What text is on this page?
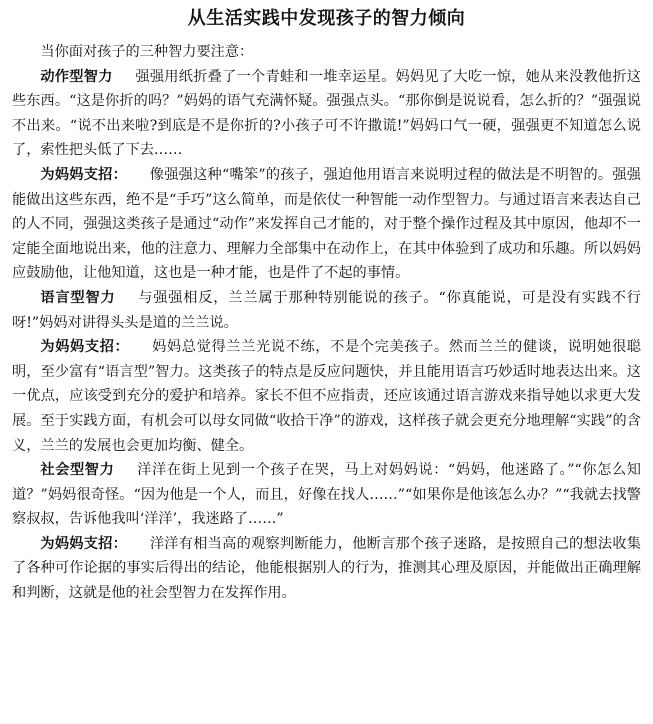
从生活实践中发现孩子的智力倾向

当你面对孩子的三种智力要注意：

动作型智力 强强用纸折叠了一个青蛙和一堆幸运星。妈妈见了大吃一惊，她从来没教他折这些东西。“这是你折的吗？”妈妈的语气充满怀疑。强强点头。“那你倒是说说看，怎么折的？”强强说不出来。“说不出来啦?到底是不是你折的?小孩子可不许撒谎!”妈妈口气一硬，强强更不知道怎么说了，索性把头低了下去……

为妈妈支招： 像强强这种“嘴笨”的孩子，强迫他用语言来说明过程的做法是不明智的。强强能做出这些东西，绝不是“手巧”这么简单，而是依仗一种智能一动作型智力。与通过语言来表达自己的人不同，强强这类孩子是通过“动作”来发挥自己才能的，对于整个操作过程及其中原因，他却不一定能全面地说出来，他的注意力、理解力全部集中在动作上，在其中体验到了成功和乐趣。所以妈妈应鼓励他，让他知道，这也是一种才能，也是件了不起的事情。

语言型智力 与强强相反，兰兰属于那种特别能说的孩子。“你真能说，可是没有实践不行呀!”妈妈对讲得头头是道的兰兰说。

为妈妈支招： 妈妈总觉得兰兰光说不练，不是个完美孩子。然而兰兰的健谈，说明她很聪明，至少富有“语言型”智力。这类孩子的特点是反应问题快，并且能用语言巧妙适时地表达出来。这一优点，应该受到充分的爱护和培养。家长不但不应指责，还应该通过语言游戏来指导她以求更大发展。至于实践方面，有机会可以母女同做“收拾干净”的游戏，这样孩子就会更充分地理解“实践”的含义，兰兰的发展也会更加均衡、健全。

社会型智力 洋洋在街上见到一个孩子在哭，马上对妈妈说：“妈妈，他迷路了。”“你怎么知道？”妈妈很奇怪。“因为他是一个人，而且，好像在找人……”“如果你是他该怎么办？”“我就去找警察叔叔，告诉他我叫‘洋洋’，我迷路了……”

为妈妈支招： 洋洋有相当高的观察判断能力，他断言那个孩子迷路，是按照自己的想法收集了各种可作论据的事实后得出的结论，他能根据别人的行为，推测其心理及原因，并能做出正确理解和判断，这就是他的社会型智力在发挥作用。
